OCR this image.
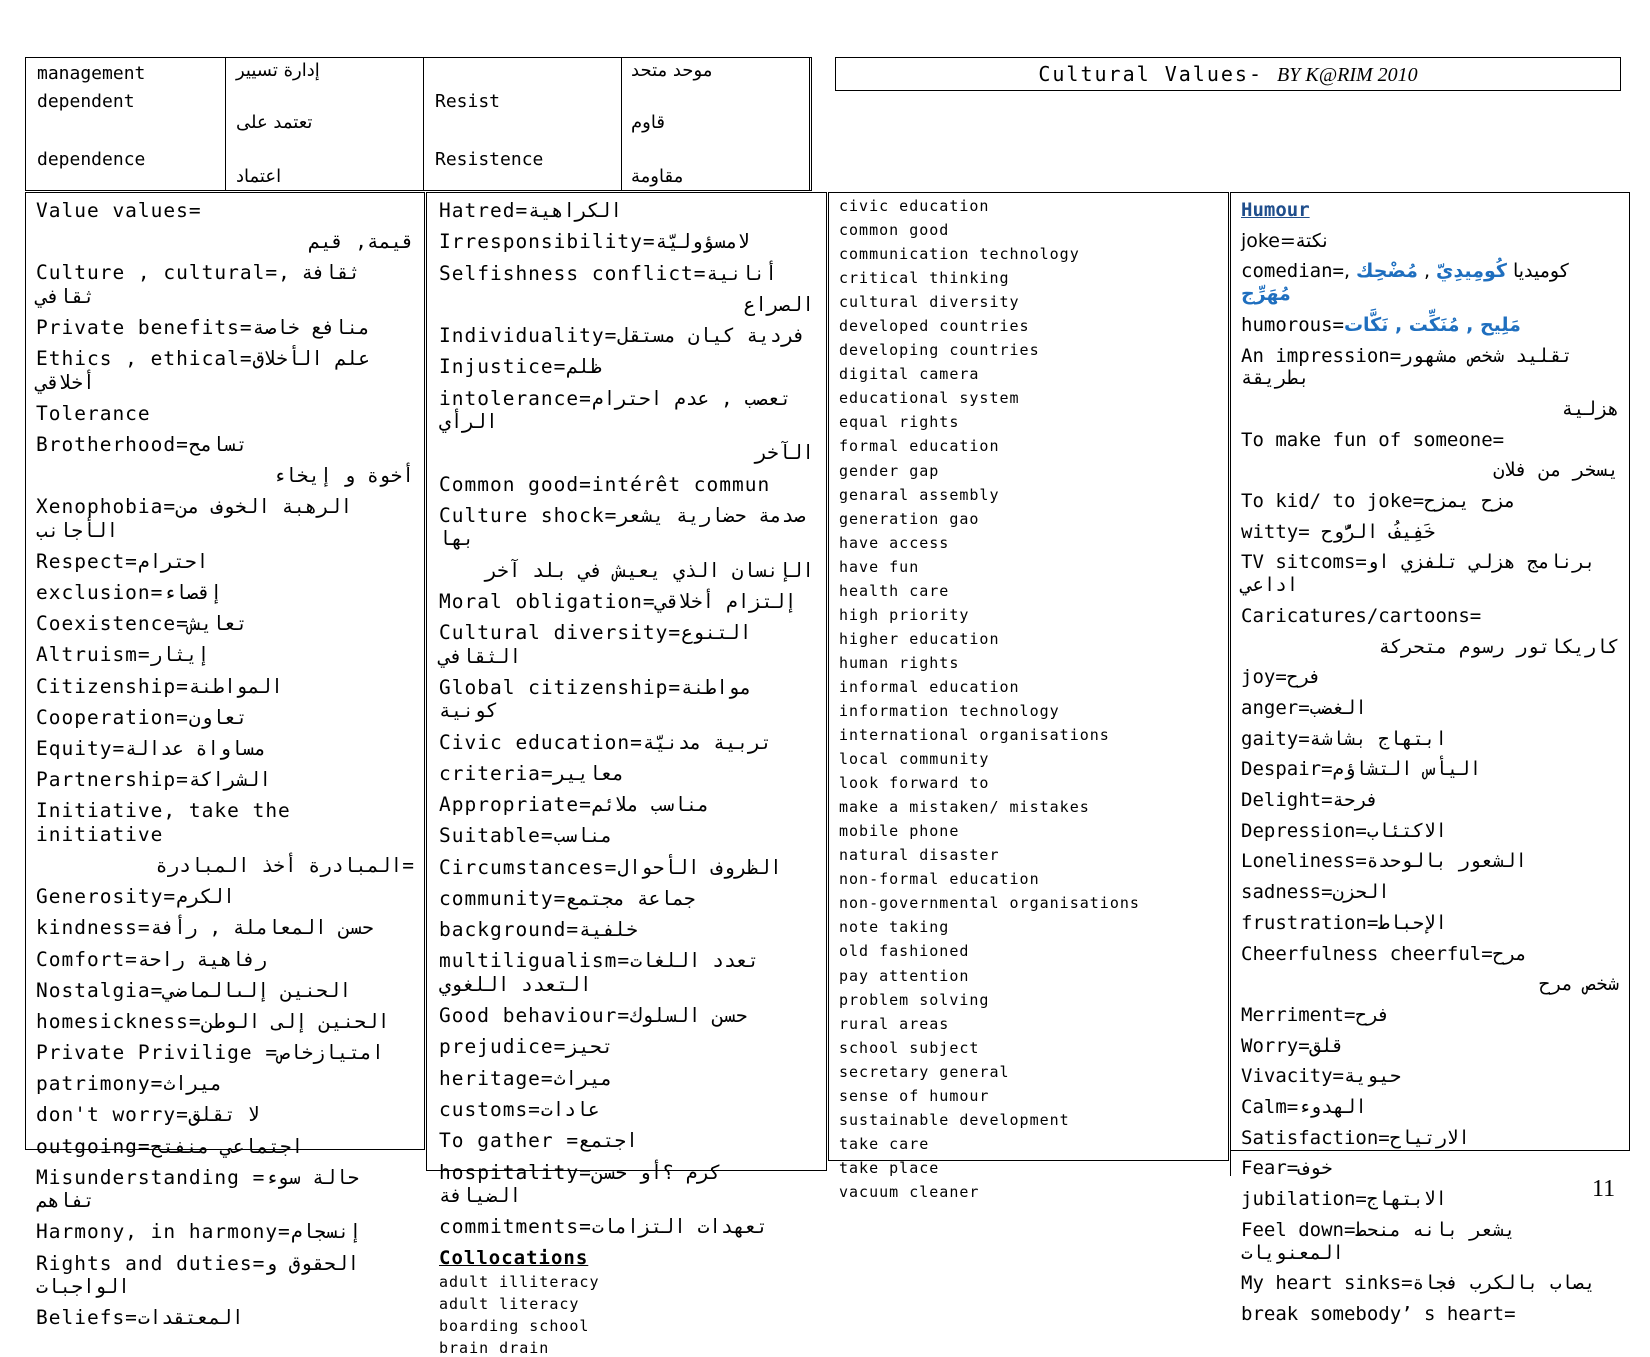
management
dependent
dependence
إدارة تسيير
تعتمد على
اعتماد
Resist
Resistence
موحد متحد
قاوم
مقاومة
Cultural Values- BY K@RIM 2010
Value values=
قيمة, قيم
Culture , cultural=ثقافة , ثقافي
Private benefits=منافع خاصة
Ethics , ethical=علم الأخلاق أخلاقي
Tolerance
Brotherhood=تسامح
أخوة و إيخاء
Xenophobia=الرهبة الخوف من الأجانب
Respect=احترام
exclusion=إقصاء
Coexistence=تعايش
Altruism=إيثار
Citizenship=المواطنة
Cooperation=تعاون
Equity=مساواة عدالة
Partnership=الشراكة
Initiative, take the initiative
=المبادرة أخذ المبادرة
Generosity=الكرم
kindness=حسن المعاملة , رأفة
Comfort=رفاهية راحة
Nostalgia=الحنين إلىالماضي
homesickness=الحنين إلى الوطن
Private Privilige =امتيازخاص
patrimony=ميراث
don't worry=لا تقلق
outgoing=اجتماعي منفتح
Misunderstanding =حالة سوء تفاهم
Harmony, in harmony=إنسجام
Rights and duties=الحقوق و الواجبات
Beliefs=المعتقدات
Hatred=الكراهية
Irresponsibility=لامسؤوليّة
Selfishness conflict=أنانية
الصراع
Individuality=فردية كيان مستقل
Injustice=ظلم
intolerance=تعصب , عدم احترام الرأي
الآخر
Common good=intérêt commun
Culture shock=صدمة حضارية يشعر بها
الإنسان الذي يعيش في بلد آخر
Moral obligation=إلتزام أخلاقي
Cultural diversity=التنوع الثقافي
Global citizenship=مواطنة كونية
Civic education=تربية مدنيّة
criteria=معايير
Appropriate=مناسب ملائم
Suitable=مناسب
Circumstances=الظروف الأحوال
community=جماعة مجتمع
background=خلفية
multiligualism=تعدد اللغات التعدد اللغوي
Good behaviour=حسن السلوك
prejudice=تحيز
heritage=ميراث
customs=عادات
To gather =اجتمع
hospitality=كرم ؟أو حسن الضيافة
commitments=تعهدات التزامات
Collocations
adult illiteracy
adult literacy
boarding school
brain drain
civic education
common good
communication technology
critical thinking
cultural diversity
developed countries
developing countries
digital camera
educational system
equal rights
formal education
gender gap
genaral assembly
generation gao
have access
have fun
health care
high priority
higher education
human rights
informal education
information technology
international organisations
local community
look forward to
make a mistaken/ mistakes
mobile phone
natural disaster
non-formal education
non-governmental organisations
note taking
old fashioned
pay attention
problem solving
rural areas
school subject
secretary general
sense of humour
sustainable development
take care
take place
vacuum cleaner
Humour
joke=نكتة
comedian=	كوميديا كُومِيدِيّ , مُضْحِك , مُهَرِّج
humorous=مَلِيح , مُنَكِّت , نَكَّات
An impression=تقليد شخص مشهور بطريقة
هزلية
To make fun of someone=
يسخر من فلان
To kid/ to joke=مزح يمزح
witty= خَفِيفُ الرُّوح
TV sitcoms=برنامج هزلي تلفزي او اداعي
Caricatures/cartoons=
كاريكاتور رسوم متحركة
joy=فرح
anger=الغضب
gaity=ابتهاج بشاشة
Despair=اليأس التشاؤم
Delight=فرحة
Depression=الاكتئاب
Loneliness=الشعور بالوحدة
sadness=الحزن
frustration=الإحباط
Cheerfulness cheerful=مرح
شخص مرح
Merriment=فرح
Worry=قلق
Vivacity=حيوية
Calm=الهدوء
Satisfaction=الارتياح
Fear=خوف
jubilation=الابتهاج
Feel down=يشعر بانه منحط المعنويات
My heart sinks=يصاب بالكرب فجاة
break somebody’ s heart=
11
